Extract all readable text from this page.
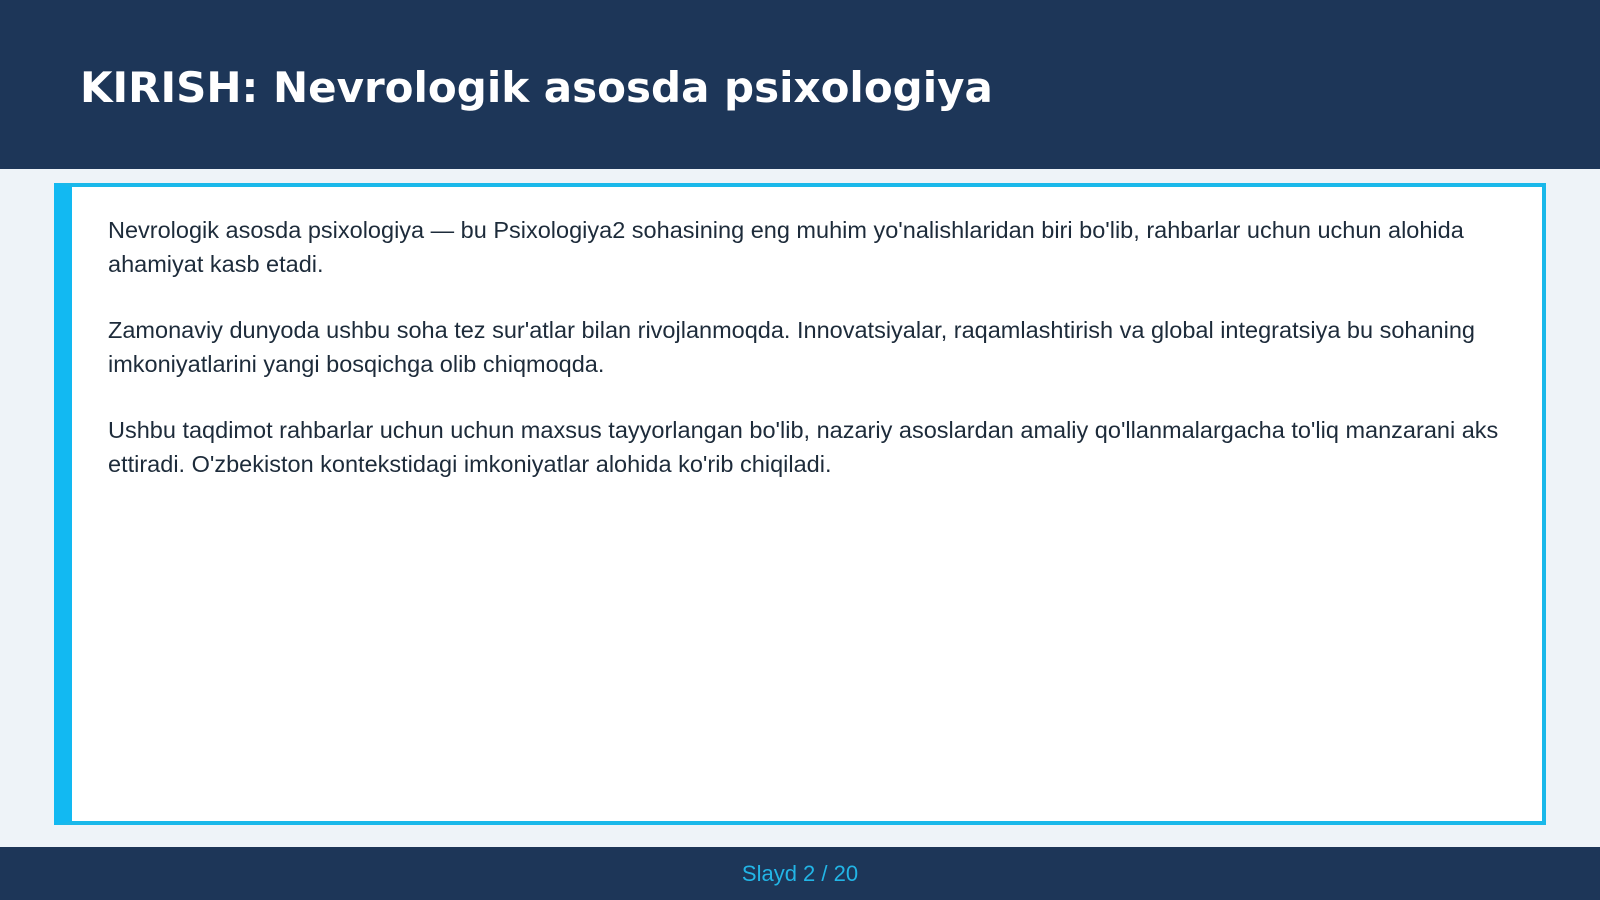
KIRISH: Nevrologik asosda psixologiya

Nevrologik asosda psixologiya — bu Psixologiya2 sohasining eng muhim yo'nalishlaridan biri bo'lib, rahbarlar uchun uchun alohida ahamiyat kasb etadi.

Zamonaviy dunyoda ushbu soha tez sur'atlar bilan rivojlanmoqda. Innovatsiyalar, raqamlashtirish va global integratsiya bu sohaning imkoniyatlarini yangi bosqichga olib chiqmoqda.

Ushbu taqdimot rahbarlar uchun uchun maxsus tayyorlangan bo'lib, nazariy asoslardan amaliy qo'llanmalargacha to'liq manzarani aks ettiradi. O'zbekiston kontekstidagi imkoniyatlar alohida ko'rib chiqiladi.

Slayd 2 / 20
